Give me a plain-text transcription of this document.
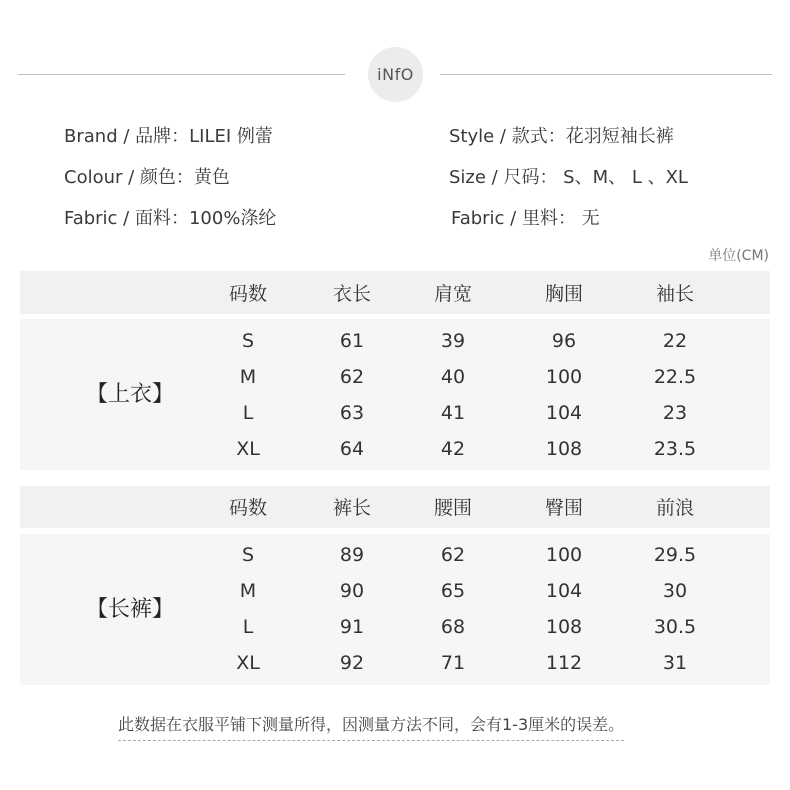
iNfO
Brand / 品牌：LILEI 例蕾	Style / 款式：花羽短袖长裤
Colour / 颜色：黄色	Size / 尺码： S、M、 L 、XL
Fabric / 面料：100%涤纶	Fabric / 里料： 无
单位(CM)
码数	衣长	肩宽	胸围	袖长
S	61	39	96	22
M	62	40	100	22.5
L	63	41	104	23
XL	64	42	108	23.5
【上衣】
码数	裤长	腰围	臀围	前浪
S	89	62	100	29.5
M	90	65	104	30
L	91	68	108	30.5
XL	92	71	112	31
【长裤】
此数据在衣服平铺下测量所得，因测量方法不同，会有1-3厘米的误差。
